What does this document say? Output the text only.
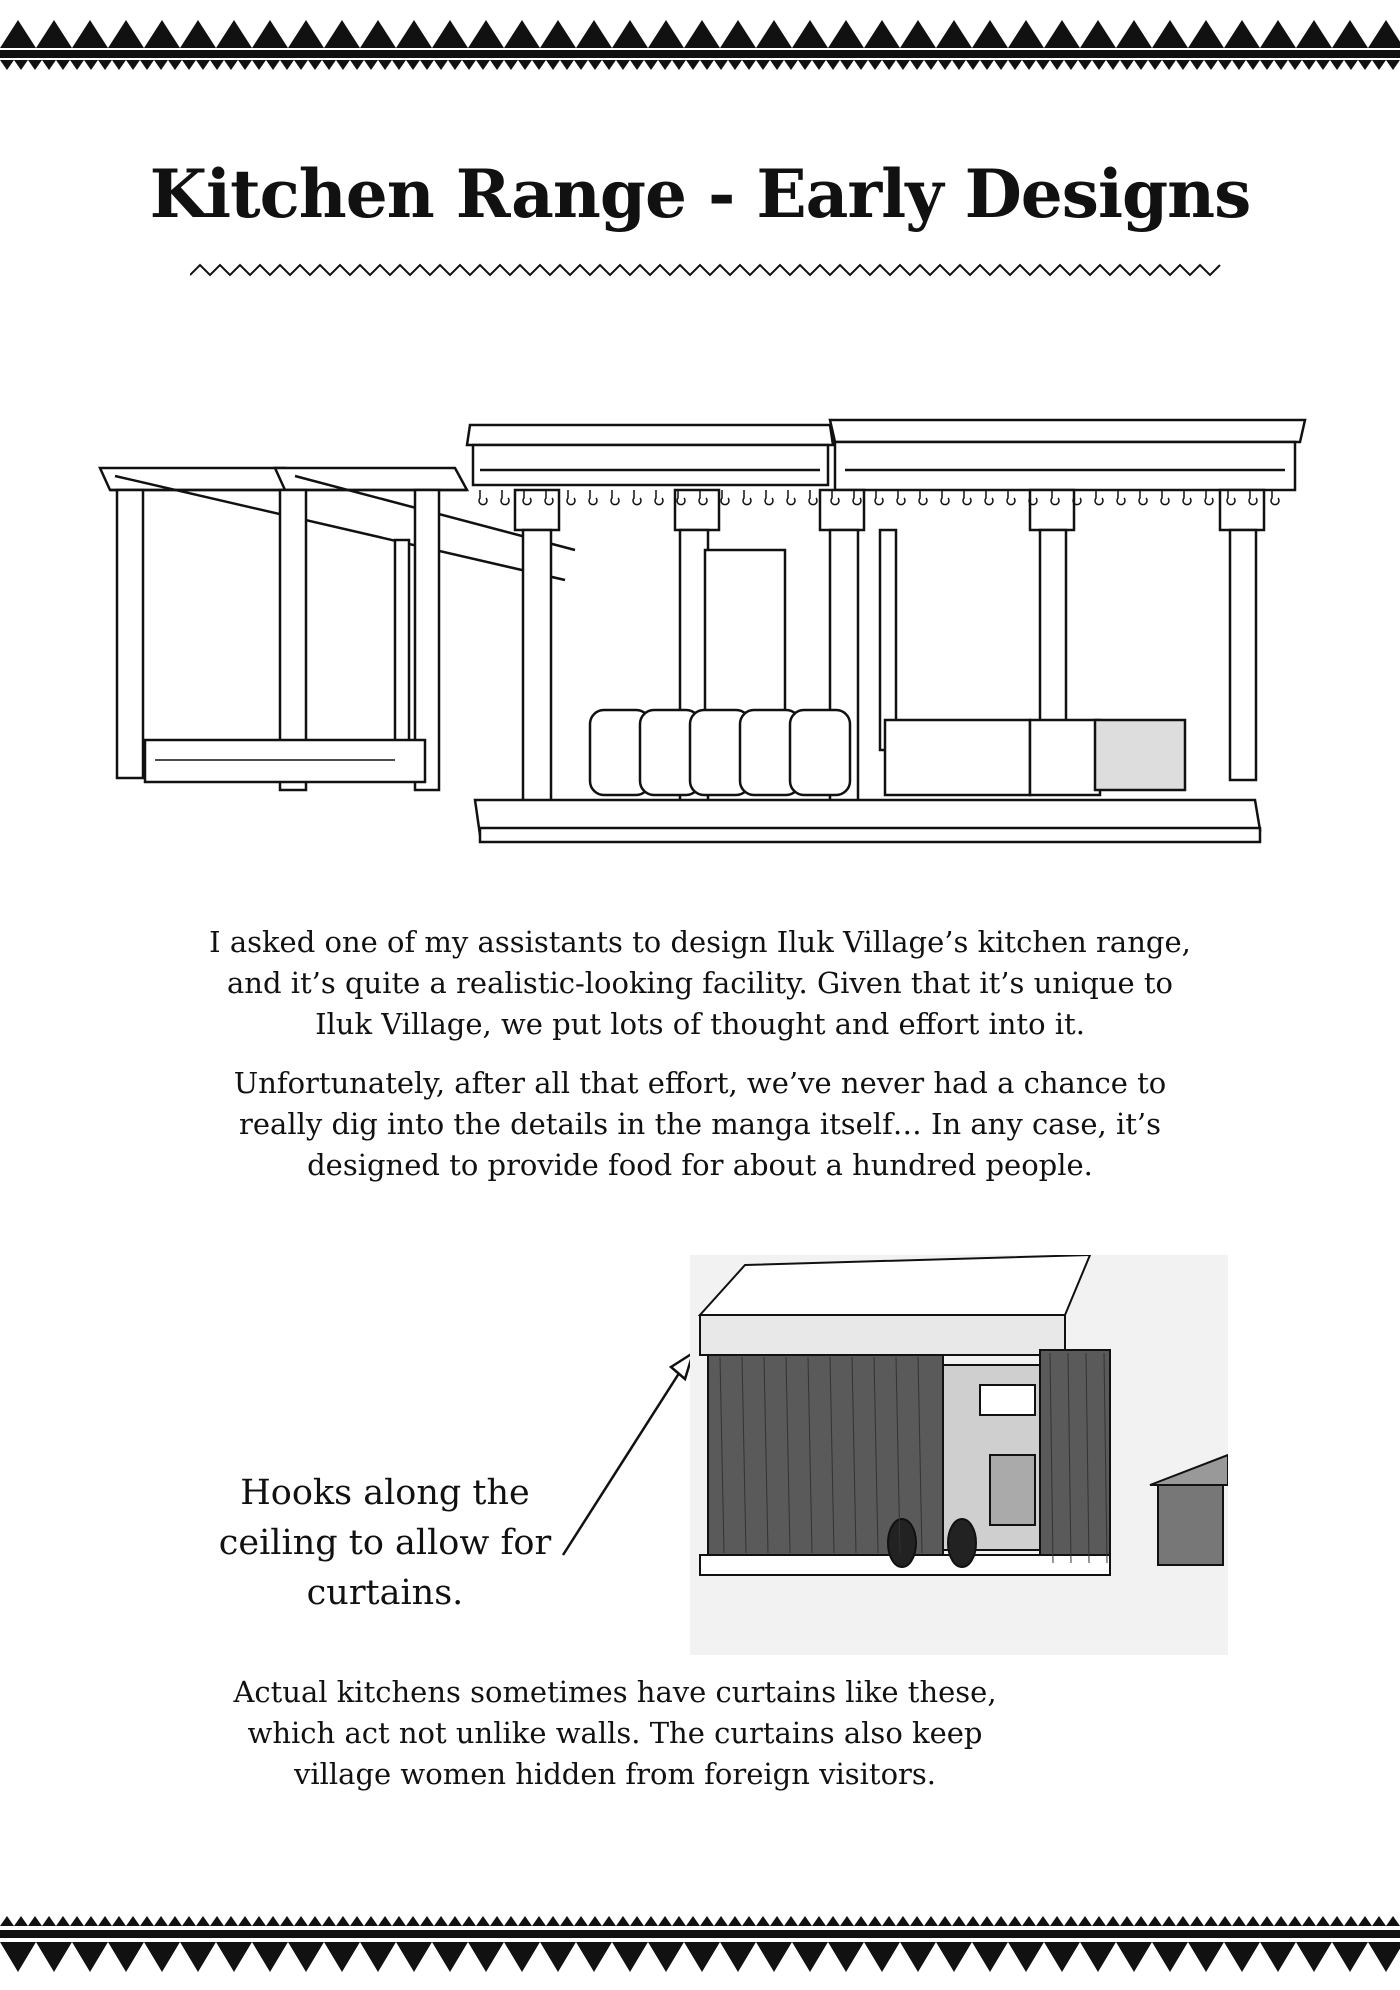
Kitchen Range - Early Designs

I asked one of my assistants to design Iluk Village’s kitchen range, and it’s quite a realistic-looking facility. Given that it’s unique to Iluk Village, we put lots of thought and effort into it.

Unfortunately, after all that effort, we’ve never had a chance to really dig into the details in the manga itself… In any case, it’s designed to provide food for about a hundred people.

Hooks along the ceiling to allow for curtains.

Actual kitchens sometimes have curtains like these, which act not unlike walls. The curtains also keep village women hidden from foreign visitors.
